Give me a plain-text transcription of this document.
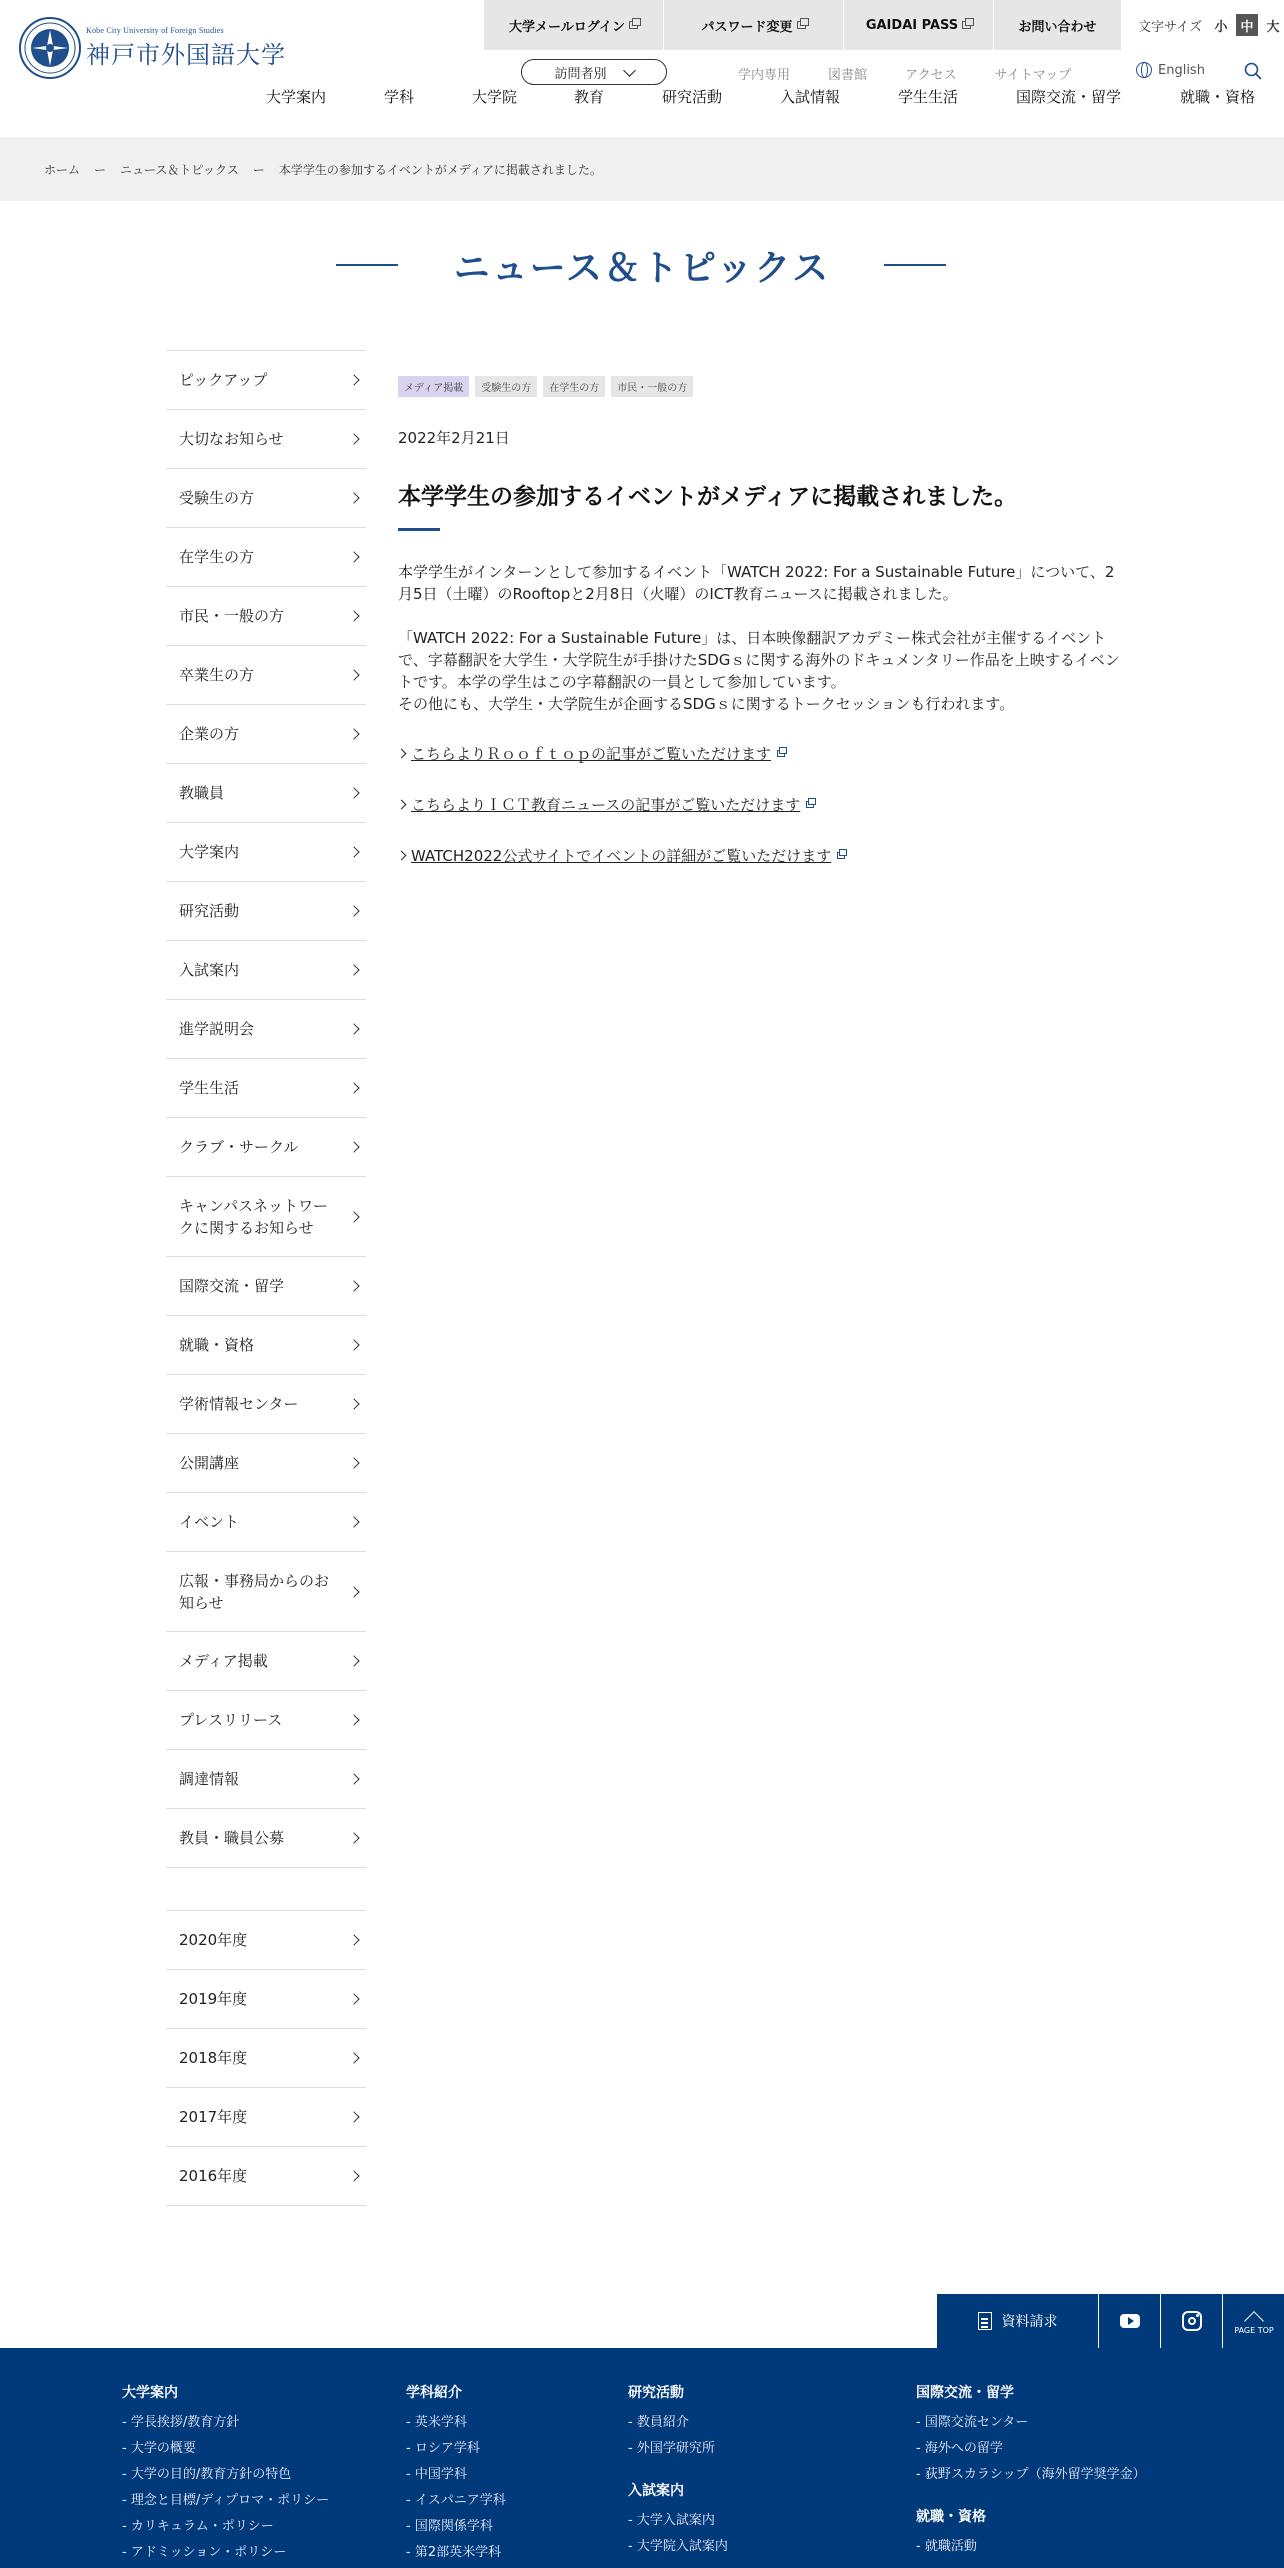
Kobe City University of Foreign Studies
神戸市外国語大学
大学メールログイン	パスワード変更	GAIDAI PASS	お問い合わせ	文字サイズ 小 中 大
訪問者別	学内専用	図書館	アクセス	サイトマップ	English
大学案内	学科	大学院	教育	研究活動	入試情報	学生生活	国際交流・留学	就職・資格
ホーム ー ニュース＆トピックス ー 本学学生の参加するイベントがメディアに掲載されました。
ニュース＆トピックス
ピックアップ
大切なお知らせ
受験生の方
在学生の方
市民・一般の方
卒業生の方
企業の方
教職員
大学案内
研究活動
入試案内
進学説明会
学生生活
クラブ・サークル
キャンパスネットワークに関するお知らせ
国際交流・留学
就職・資格
学術情報センター
公開講座
イベント
広報・事務局からのお知らせ
メディア掲載
プレスリリース
調達情報
教員・職員公募
2020年度
2019年度
2018年度
2017年度
2016年度
メディア掲載	受験生の方	在学生の方	市民・一般の方
2022年2月21日
本学学生の参加するイベントがメディアに掲載されました。

本学学生がインターンとして参加するイベント「WATCH 2022: For a Sustainable Future」について、2月5日（土曜）のRooftopと2月8日（火曜）のICT教育ニュースに掲載されました。

「WATCH 2022: For a Sustainable Future」は、日本映像翻訳アカデミー株式会社が主催するイベントで、字幕翻訳を大学生・大学院生が手掛けたSDGｓに関する海外のドキュメンタリー作品を上映するイベントです。本学の学生はこの字幕翻訳の一員として参加しています。
その他にも、大学生・大学院生が企画するSDGｓに関するトークセッションも行われます。

こちらよりＲｏｏｆｔｏｐの記事がご覧いただけます
こちらよりＩＣＴ教育ニュースの記事がご覧いただけます
WATCH2022公式サイトでイベントの詳細がご覧いただけます
資料請求	PAGE TOP
大学案内
- 学長挨拶/教育方針
- 大学の概要
- 大学の目的/教育方針の特色
- 理念と目標/ディプロマ・ポリシー
- カリキュラム・ポリシー
- アドミッション・ポリシー
学科紹介
- 英米学科
- ロシア学科
- 中国学科
- イスパニア学科
- 国際関係学科
- 第2部英米学科
研究活動
- 教員紹介
- 外国学研究所
入試案内
- 大学入試案内
- 大学院入試案内
国際交流・留学
- 国際交流センター
- 海外への留学
- 荻野スカラシップ（海外留学奨学金）
就職・資格
- 就職活動
